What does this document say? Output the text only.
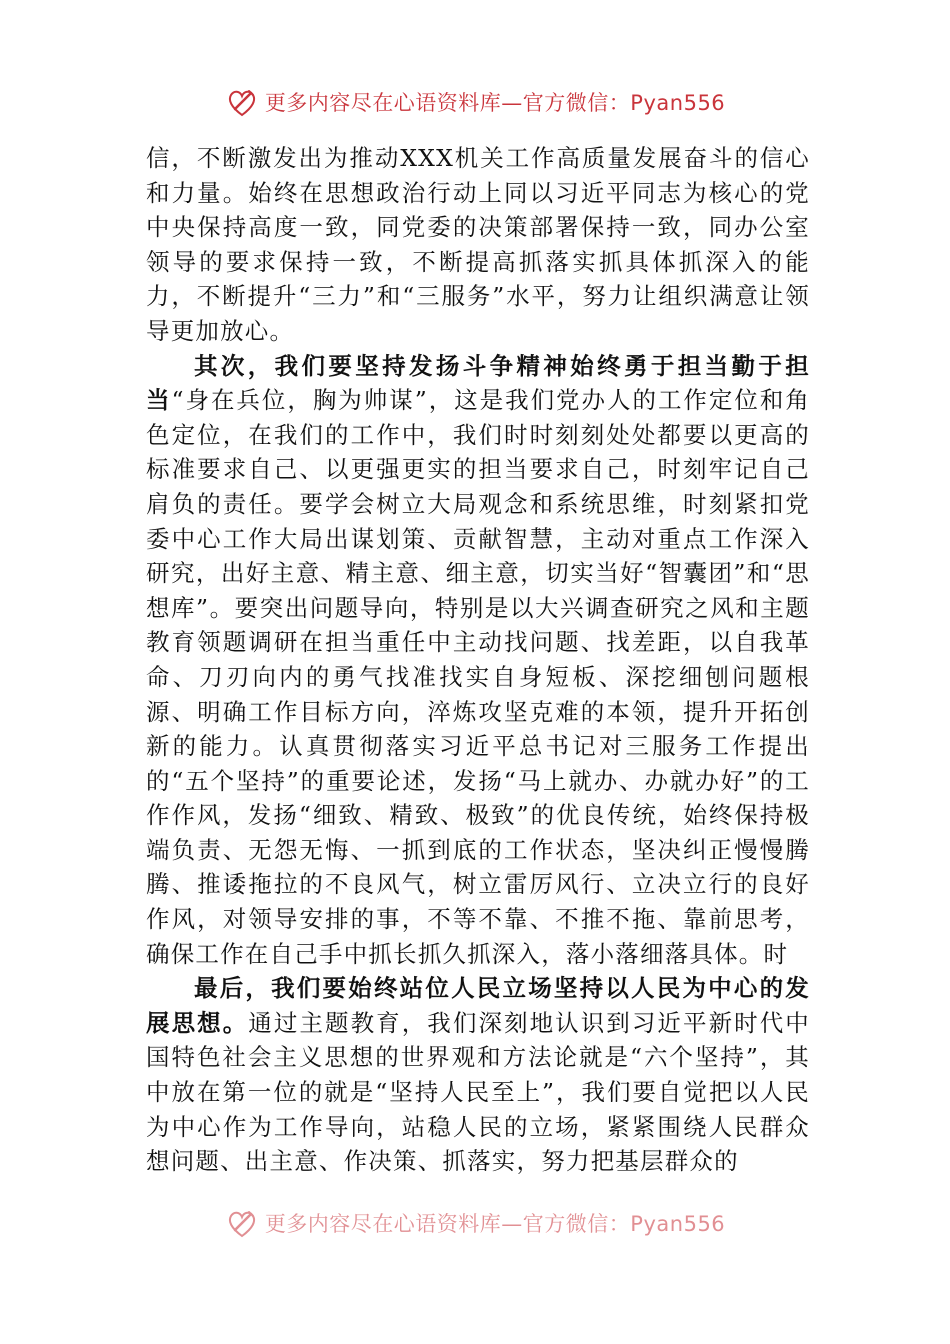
更多内容尽在心语资料库—官方微信：Pyan556

信，不断激发出为推动XXX机关工作高质量发展奋斗的信心和力量。始终在思想政治行动上同以习近平同志为核心的党中央保持高度一致，同党委的决策部署保持一致，同办公室领导的要求保持一致，不断提高抓落实抓具体抓深入的能力，不断提升“三力”和“三服务”水平，努力让组织满意让领导更加放心。

其次，我们要坚持发扬斗争精神始终勇于担当勤于担当“身在兵位，胸为帅谋”，这是我们党办人的工作定位和角色定位，在我们的工作中，我们时时刻刻处处都要以更高的标准要求自己、以更强更实的担当要求自己，时刻牢记自己肩负的责任。要学会树立大局观念和系统思维，时刻紧扣党委中心工作大局出谋划策、贡献智慧，主动对重点工作深入研究，出好主意、精主意、细主意，切实当好“智囊团”和“思想库”。要突出问题导向，特别是以大兴调查研究之风和主题教育领题调研在担当重任中主动找问题、找差距，以自我革命、刀刃向内的勇气找准找实自身短板、深挖细刨问题根源、明确工作目标方向，淬炼攻坚克难的本领，提升开拓创新的能力。认真贯彻落实习近平总书记对三服务工作提出的“五个坚持”的重要论述，发扬“马上就办、办就办好”的工作作风，发扬“细致、精致、极致”的优良传统，始终保持极端负责、无怨无悔、一抓到底的工作状态，坚决纠正慢慢腾腾、推诿拖拉的不良风气，树立雷厉风行、立决立行的良好作风，对领导安排的事，不等不靠、不推不拖、靠前思考，确保工作在自己手中抓长抓久抓深入，落小落细落具体。时

最后，我们要始终站位人民立场坚持以人民为中心的发展思想。通过主题教育，我们深刻地认识到习近平新时代中国特色社会主义思想的世界观和方法论就是“六个坚持”，其中放在第一位的就是“坚持人民至上”，我们要自觉把以人民为中心作为工作导向，站稳人民的立场，紧紧围绕人民群众想问题、出主意、作决策、抓落实，努力把基层群众的

更多内容尽在心语资料库—官方微信：Pyan556
